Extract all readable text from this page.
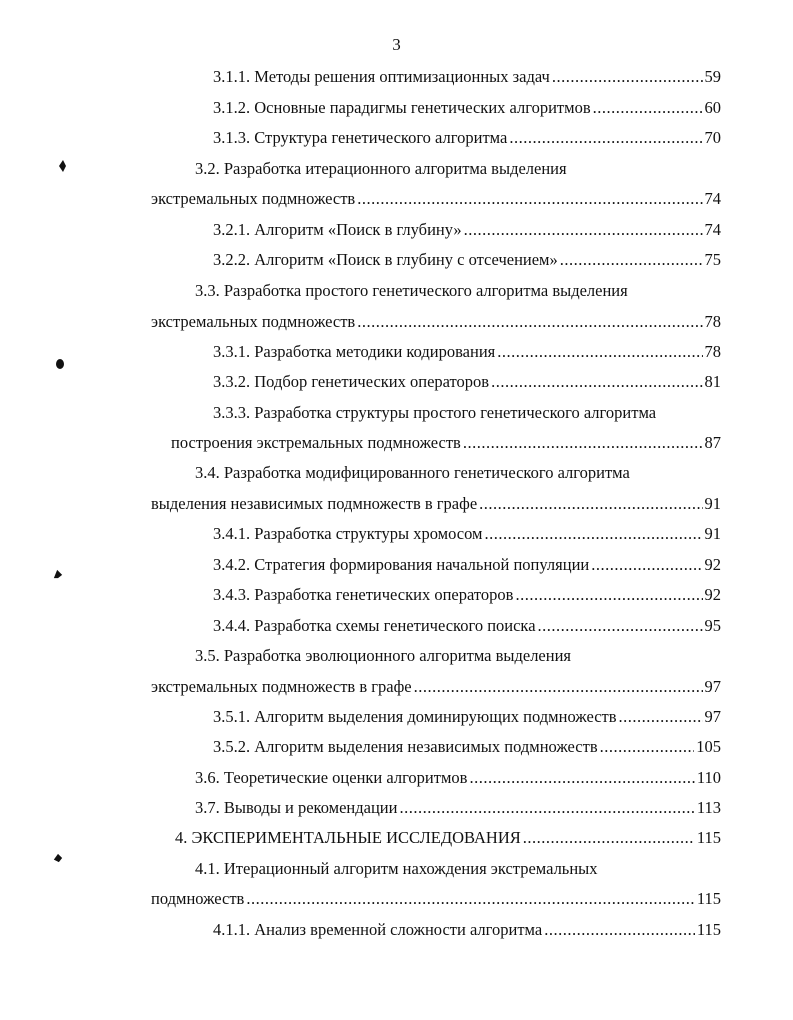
3
3.1.1. Методы решения оптимизационных задач .....	59
3.1.2. Основные парадигмы генетических алгоритмов .....	60
3.1.3. Структура генетического алгоритма .....	70
3.2. Разработка итерационного алгоритма выделения
экстремальных подмножеств .....	74
3.2.1. Алгоритм «Поиск в глубину» .....	74
3.2.2. Алгоритм «Поиск в глубину с отсечением» .....	75
3.3. Разработка простого генетического алгоритма выделения
экстремальных подмножеств .....	78
3.3.1. Разработка методики кодирования .....	78
3.3.2. Подбор генетических операторов .....	81
3.3.3. Разработка структуры простого генетического алгоритма
построения экстремальных подмножеств .....	87
3.4. Разработка модифицированного генетического алгоритма
выделения независимых подмножеств в графе .....	91
3.4.1. Разработка структуры хромосом .....	91
3.4.2. Стратегия формирования начальной популяции .....	92
3.4.3. Разработка генетических операторов .....	92
3.4.4. Разработка схемы генетического поиска .....	95
3.5. Разработка эволюционного алгоритма выделения
экстремальных подмножеств в графе .....	97
3.5.1. Алгоритм выделения доминирующих подмножеств .....	97
3.5.2. Алгоритм выделения независимых подмножеств .....	105
3.6. Теоретические оценки алгоритмов .....	110
3.7. Выводы и рекомендации .....	113
4. ЭКСПЕРИМЕНТАЛЬНЫЕ ИССЛЕДОВАНИЯ .....	115
4.1. Итерационный алгоритм нахождения экстремальных
подмножеств .....	115
4.1.1. Анализ временной сложности алгоритма .....	115
